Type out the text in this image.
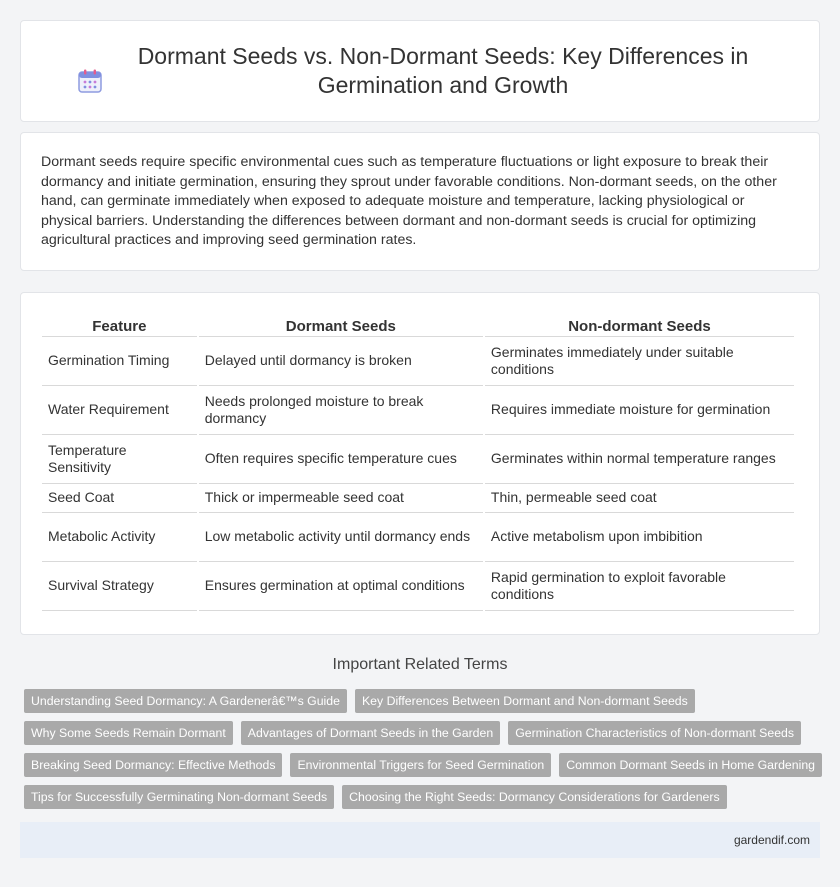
Dormant Seeds vs. Non-Dormant Seeds: Key Differences in Germination and Growth

Dormant seeds require specific environmental cues such as temperature fluctuations or light exposure to break their dormancy and initiate germination, ensuring they sprout under favorable conditions. Non-dormant seeds, on the other hand, can germinate immediately when exposed to adequate moisture and temperature, lacking physiological or physical barriers. Understanding the differences between dormant and non-dormant seeds is crucial for optimizing agricultural practices and improving seed germination rates.

Feature	Dormant Seeds	Non-dormant Seeds
Germination Timing	Delayed until dormancy is broken	Germinates immediately under suitable conditions
Water Requirement	Needs prolonged moisture to break dormancy	Requires immediate moisture for germination
Temperature Sensitivity	Often requires specific temperature cues	Germinates within normal temperature ranges
Seed Coat	Thick or impermeable seed coat	Thin, permeable seed coat
Metabolic Activity	Low metabolic activity until dormancy ends	Active metabolism upon imbibition
Survival Strategy	Ensures germination at optimal conditions	Rapid germination to exploit favorable conditions
Important Related Terms
Understanding Seed Dormancy: A Gardenerâ€™s Guide	Key Differences Between Dormant and Non-dormant Seeds
Why Some Seeds Remain Dormant	Advantages of Dormant Seeds in the Garden	Germination Characteristics of Non-dormant Seeds
Breaking Seed Dormancy: Effective Methods	Environmental Triggers for Seed Germination	Common Dormant Seeds in Home Gardening
Tips for Successfully Germinating Non-dormant Seeds	Choosing the Right Seeds: Dormancy Considerations for Gardeners
gardendif.com
